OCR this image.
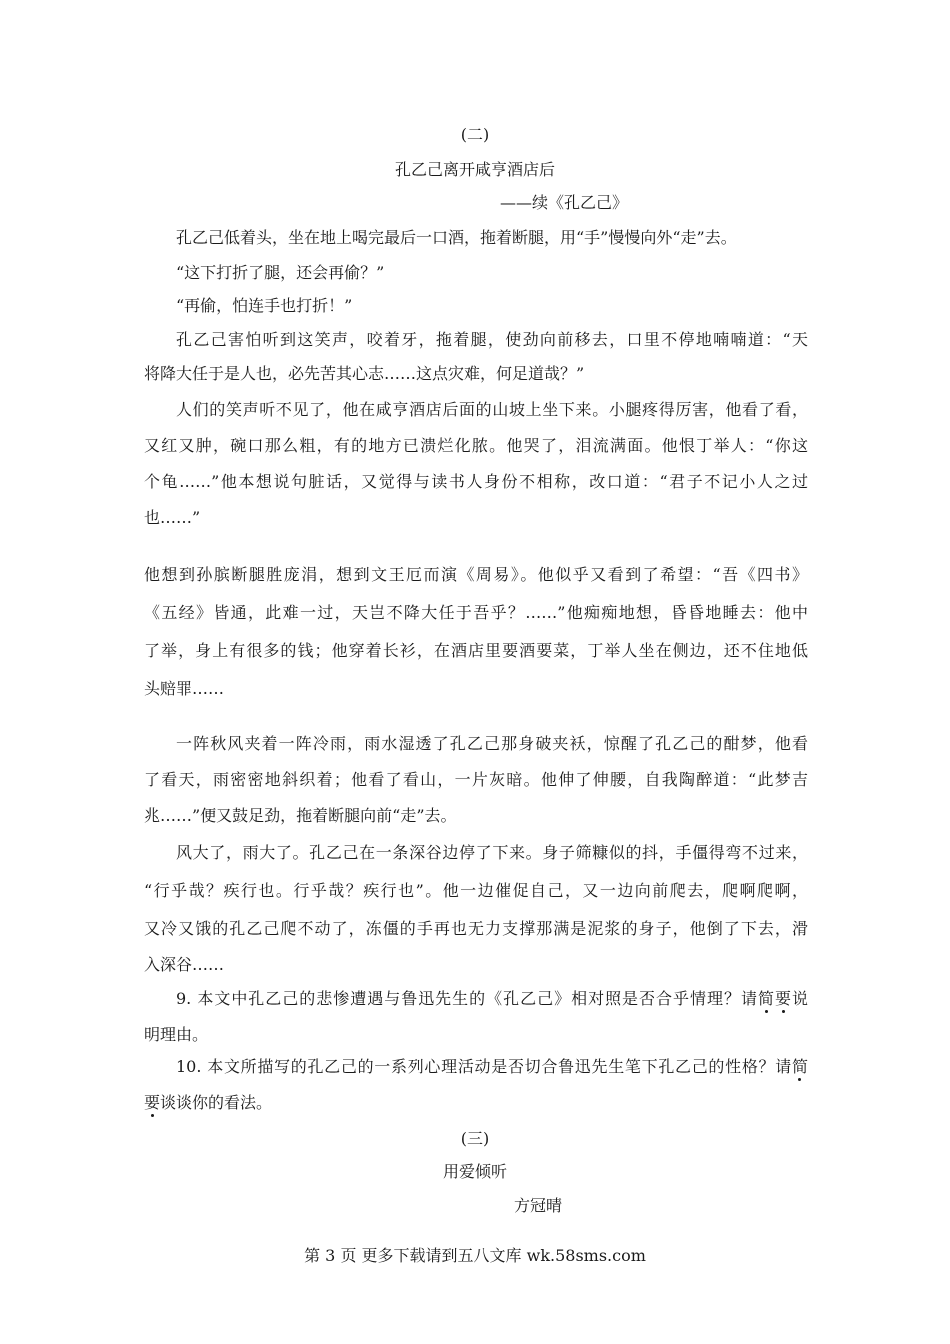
(二)
孔乙己离开咸亨酒店后
——续《孔乙己》
孔乙己低着头，坐在地上喝完最后一口酒，拖着断腿，用“手”慢慢向外“走”去。
“这下打折了腿，还会再偷？”
“再偷，怕连手也打折！”
孔乙己害怕听到这笑声，咬着牙，拖着腿，使劲向前移去，口里不停地喃喃道：“天
将降大任于是人也，必先苦其心志……这点灾难，何足道哉？”
人们的笑声听不见了，他在咸亨酒店后面的山坡上坐下来。小腿疼得厉害，他看了看，
又红又肿，碗口那么粗，有的地方已溃烂化脓。他哭了，泪流满面。他恨丁举人：“你这
个龟……”他本想说句脏话，又觉得与读书人身份不相称，改口道：“君子不记小人之过
也……”
他想到孙膑断腿胜庞涓，想到文王厄而演《周易》。他似乎又看到了希望：“吾《四书》
《五经》皆通，此难一过，天岂不降大任于吾乎？……”他痴痴地想，昏昏地睡去：他中
了举，身上有很多的钱；他穿着长衫，在酒店里要酒要菜，丁举人坐在侧边，还不住地低
头赔罪……
一阵秋风夹着一阵冷雨，雨水湿透了孔乙己那身破夹袄，惊醒了孔乙己的酣梦，他看
了看天，雨密密地斜织着；他看了看山，一片灰暗。他伸了伸腰，自我陶醉道：“此梦吉
兆……”便又鼓足劲，拖着断腿向前“走”去。
风大了，雨大了。孔乙己在一条深谷边停了下来。身子筛糠似的抖，手僵得弯不过来，
“行乎哉？疾行也。行乎哉？疾行也”。他一边催促自己，又一边向前爬去，爬啊爬啊，
又冷又饿的孔乙己爬不动了，冻僵的手再也无力支撑那满是泥浆的身子，他倒了下去，滑
入深谷……
9. 本文中孔乙己的悲惨遭遇与鲁迅先生的《孔乙己》相对照是否合乎情理？请简要说
明理由。
10. 本文所描写的孔乙己的一系列心理活动是否切合鲁迅先生笔下孔乙己的性格？请简
要谈谈你的看法。
(三)
用爱倾听
方冠晴
第 3 页 更多下载请到五八文库 wk.58sms.com
